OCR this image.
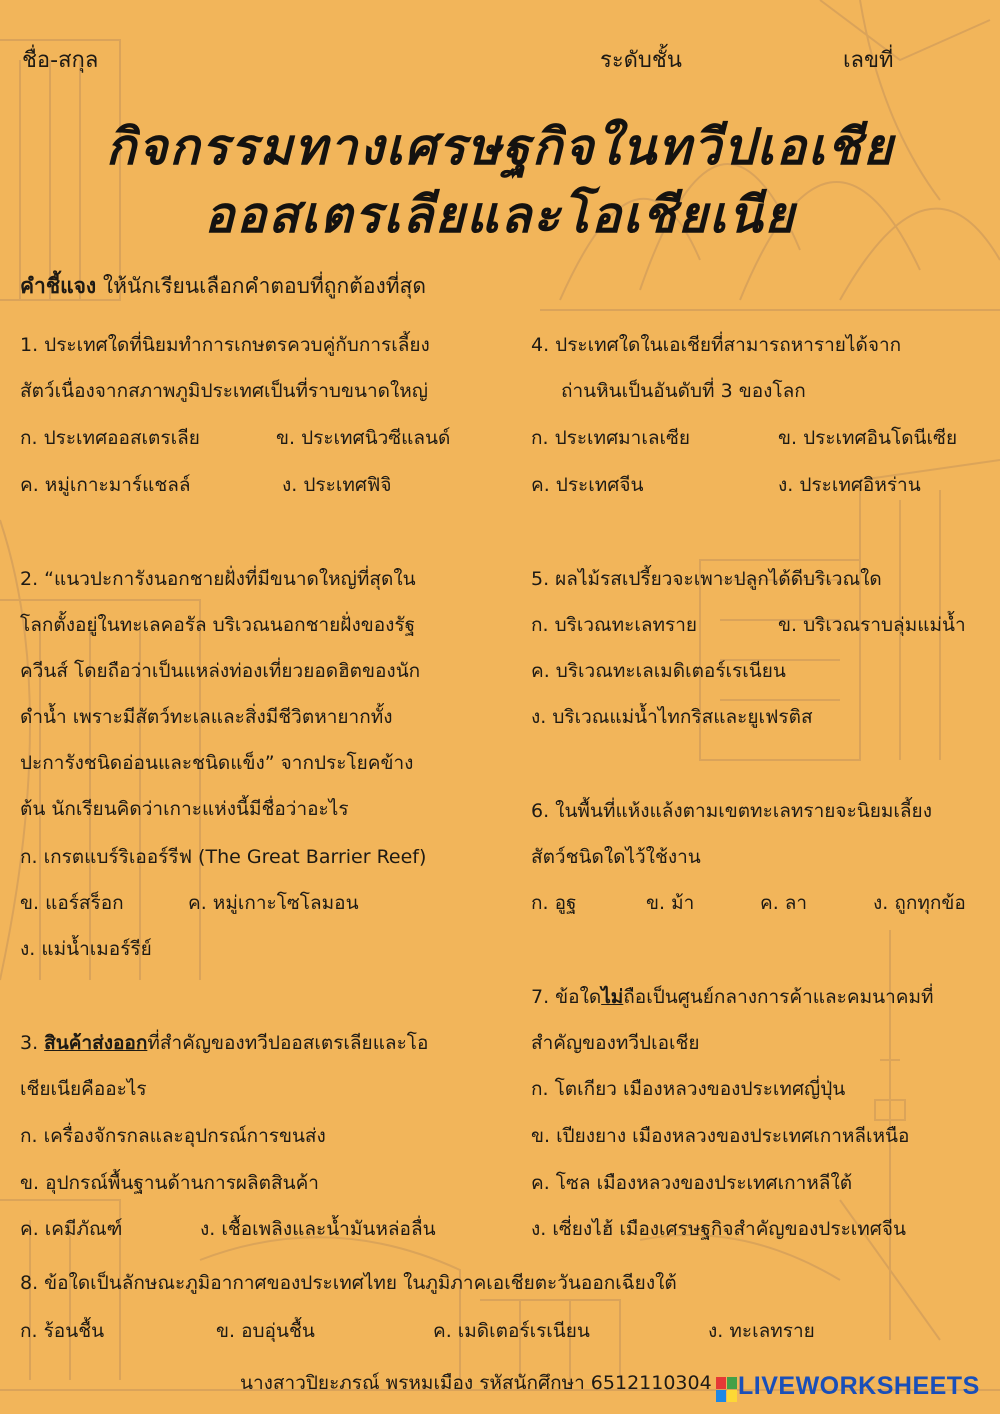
ชื่อ-สกุล	ระดับชั้น	เลขที่
กิจกรรมทางเศรษฐกิจในทวีปเอเชีย
ออสเตรเลียและโอเชียเนีย
คำชี้แจง ให้นักเรียนเลือกคำตอบที่ถูกต้องที่สุด
1. ประเทศใดที่นิยมทำการเกษตรควบคู่กับการเลี้ยง
สัตว์เนื่องจากสภาพภูมิประเทศเป็นที่ราบขนาดใหญ่
ก. ประเทศออสเตรเลีย	ข. ประเทศนิวซีแลนด์
ค. หมู่เกาะมาร์แชลล์	ง. ประเทศฟิจิ
2. “แนวปะการังนอกชายฝั่งที่มีขนาดใหญ่ที่สุดใน
โลกตั้งอยู่ในทะเลคอรัล บริเวณนอกชายฝั่งของรัฐ
ควีนส์ โดยถือว่าเป็นแหล่งท่องเที่ยวยอดฮิตของนัก
ดำน้ำ เพราะมีสัตว์ทะเลและสิ่งมีชีวิตหายากทั้ง
ปะการังชนิดอ่อนและชนิดแข็ง” จากประโยคข้าง
ต้น นักเรียนคิดว่าเกาะแห่งนี้มีชื่อว่าอะไร
ก. เกรตแบร์ริเออร์รีฟ (The Great Barrier Reef)
ข. แอร์สร็อก	ค. หมู่เกาะโซโลมอน
ง. แม่น้ำเมอร์รีย์
3. สินค้าส่งออกที่สำคัญของทวีปออสเตรเลียและโอ
เชียเนียคืออะไร
ก. เครื่องจักรกลและอุปกรณ์การขนส่ง
ข. อุปกรณ์พื้นฐานด้านการผลิตสินค้า
ค. เคมีภัณฑ์	ง. เชื้อเพลิงและน้ำมันหล่อลื่น
4. ประเทศใดในเอเชียที่สามารถหารายได้จาก
ถ่านหินเป็นอันดับที่ 3 ของโลก
ก. ประเทศมาเลเซีย	ข. ประเทศอินโดนีเซีย
ค. ประเทศจีน	ง. ประเทศอิหร่าน
5. ผลไม้รสเปรี้ยวจะเพาะปลูกได้ดีบริเวณใด
ก. บริเวณทะเลทราย	ข. บริเวณราบลุ่มแม่น้ำ
ค. บริเวณทะเลเมดิเตอร์เรเนียน
ง. บริเวณแม่น้ำไทกริสและยูเฟรติส
6. ในพื้นที่แห้งแล้งตามเขตทะเลทรายจะนิยมเลี้ยง
สัตว์ชนิดใดไว้ใช้งาน
ก. อูฐ	ข. ม้า	ค. ลา	ง. ถูกทุกข้อ
7. ข้อใดไม่ถือเป็นศูนย์กลางการค้าและคมนาคมที่
สำคัญของทวีปเอเชีย
ก. โตเกียว เมืองหลวงของประเทศญี่ปุ่น
ข. เปียงยาง เมืองหลวงของประเทศเกาหลีเหนือ
ค. โซล เมืองหลวงของประเทศเกาหลีใต้
ง. เซี่ยงไฮ้ เมืองเศรษฐกิจสำคัญของประเทศจีน
8. ข้อใดเป็นลักษณะภูมิอากาศของประเทศไทย ในภูมิภาคเอเชียตะวันออกเฉียงใต้
ก. ร้อนชื้น	ข. อบอุ่นชื้น	ค. เมดิเตอร์เรเนียน	ง. ทะเลทราย
นางสาวปิยะภรณ์ พรหมเมือง รหัสนักศึกษา 6512110304	LIVEWORKSHEETS
